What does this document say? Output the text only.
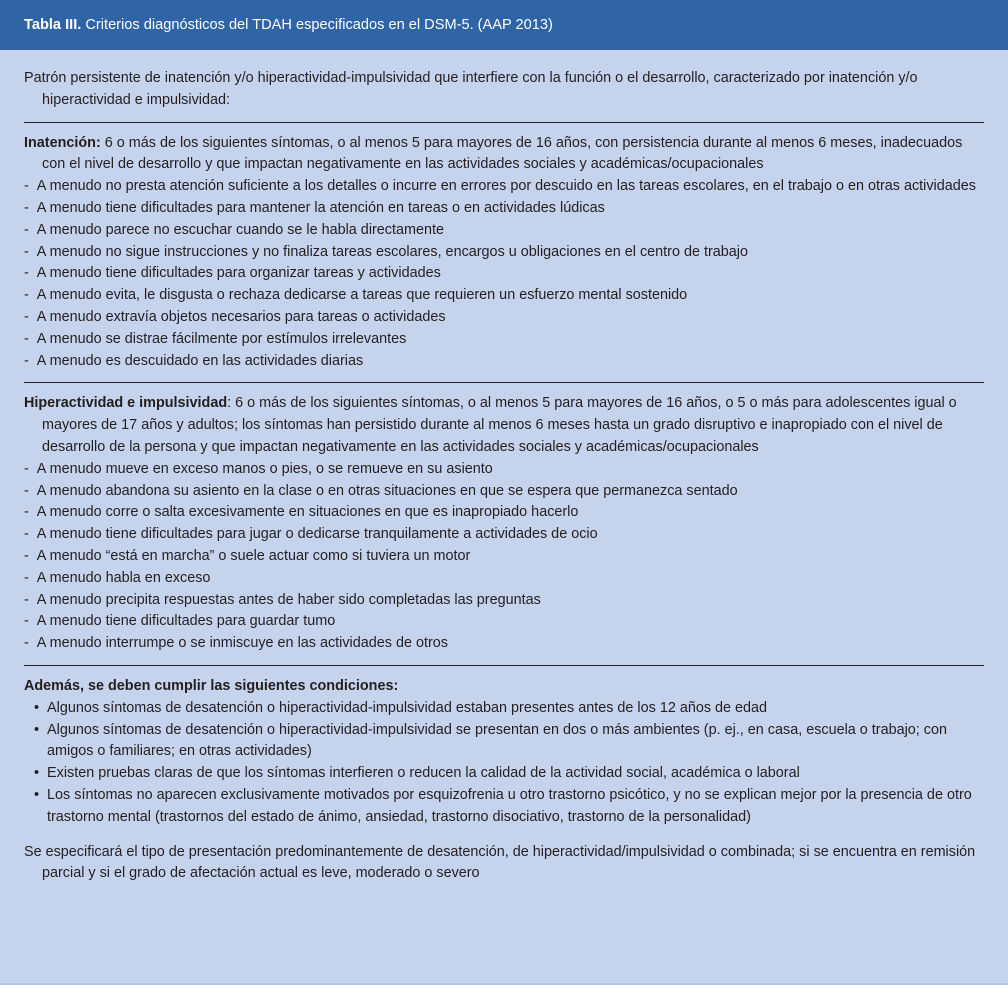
Tabla III.
Criterios diagnósticos del TDAH especificados en el DSM-5. (AAP 2013)

Patrón persistente de inatención y/o hiperactividad-impulsividad que interfiere con la función o el desarrollo, caracterizado por inatención y/o hiperactividad e impulsividad:

Inatención: 6 o más de los siguientes síntomas, o al menos 5 para mayores de 16 años, con persistencia durante al menos 6 meses, inadecuados con el nivel de desarrollo y que impactan negativamente en las actividades sociales y académicas/ocupacionales

-  A menudo no presta atención suficiente a los detalles o incurre en errores por descuido en las tareas escolares, en el trabajo o en otras actividades
-  A menudo tiene dificultades para mantener la atención en tareas o en actividades lúdicas
-  A menudo parece no escuchar cuando se le habla directamente
-  A menudo no sigue instrucciones y no finaliza tareas escolares, encargos u obligaciones en el centro de trabajo
-  A menudo tiene dificultades para organizar tareas y actividades
-  A menudo evita, le disgusta o rechaza dedicarse a tareas que requieren un esfuerzo mental sostenido
-  A menudo extravía objetos necesarios para tareas o actividades
-  A menudo se distrae fácilmente por estímulos irrelevantes
-  A menudo es descuidado en las actividades diarias

Hiperactividad e impulsividad: 6 o más de los siguientes síntomas, o al menos 5 para mayores de 16 años, o 5 o más para adolescentes igual o mayores de 17 años y adultos; los síntomas han persistido durante al menos 6 meses hasta un grado disruptivo e inapropiado con el nivel de desarrollo de la persona y que impactan negativamente en las actividades sociales y académicas/ocupacionales

-  A menudo mueve en exceso manos o pies, o se remueve en su asiento
-  A menudo abandona su asiento en la clase o en otras situaciones en que se espera que permanezca sentado
-  A menudo corre o salta excesivamente en situaciones en que es inapropiado hacerlo
-  A menudo tiene dificultades para jugar o dedicarse tranquilamente a actividades de ocio
-  A menudo “está en marcha” o suele actuar como si tuviera un motor
-  A menudo habla en exceso
-  A menudo precipita respuestas antes de haber sido completadas las preguntas
-  A menudo tiene dificultades para guardar tumo
-  A menudo interrumpe o se inmiscuye en las actividades de otros

Además, se deben cumplir las siguientes condiciones:

•  Algunos síntomas de desatención o hiperactividad-impulsividad estaban presentes antes de los 12 años de edad
•  Algunos síntomas de desatención o hiperactividad-impulsividad se presentan en dos o más ambientes (p. ej., en casa, escuela o trabajo; con amigos o familiares; en otras actividades)
•  Existen pruebas claras de que los síntomas interfieren o reducen la calidad de la actividad social, académica o laboral
•  Los síntomas no aparecen exclusivamente motivados por esquizofrenia u otro trastorno psicótico, y no se explican mejor por la presencia de otro trastorno mental (trastornos del estado de ánimo, ansiedad, trastorno disociativo, trastorno de la personalidad)

Se especificará el tipo de presentación predominantemente de desatención, de hiperactividad/impulsividad o combinada; si se encuentra en remisión parcial y si el grado de afectación actual es leve, moderado o severo
